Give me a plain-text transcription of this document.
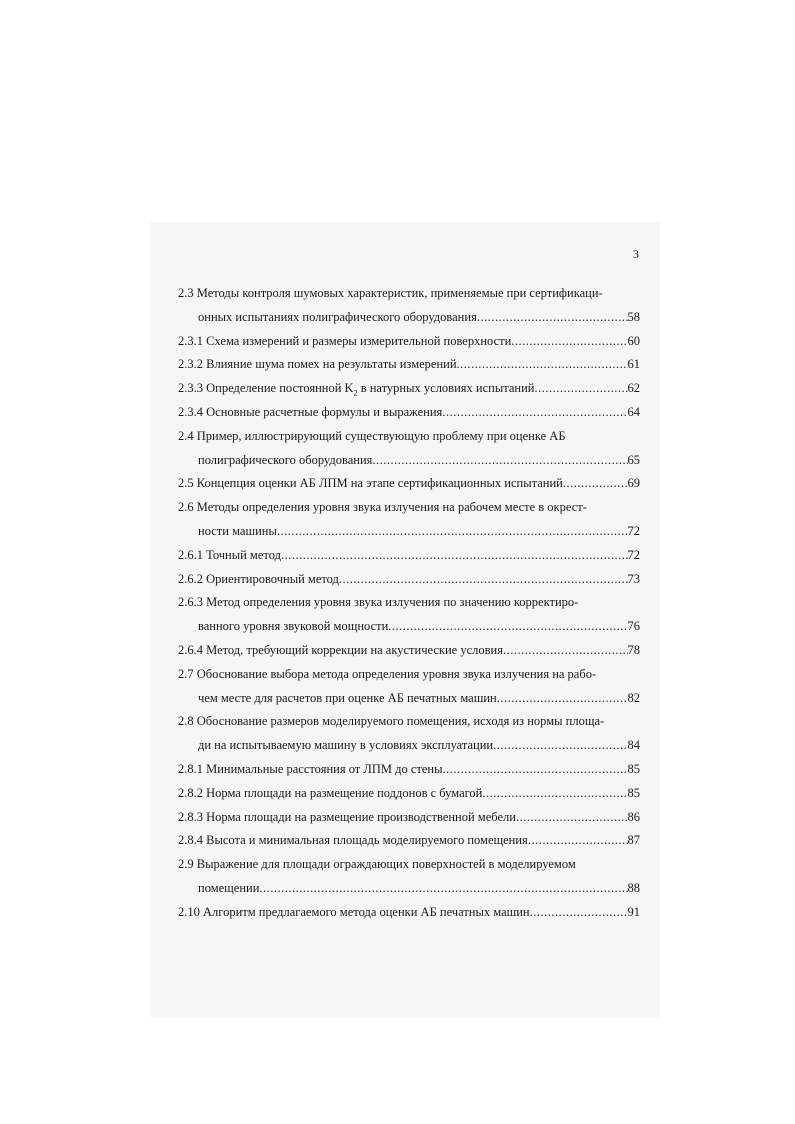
3
2.3 Методы контроля шумовых характеристик, применяемые при сертификаци-
онных испытаниях полиграфического оборудования .....	58
2.3.1 Схема измерений и размеры измерительной поверхности .....	60
2.3.2 Влияние шума помех на результаты измерений .....	61
2.3.3 Определение постоянной $K_2$ в натурных условиях испытаний .....	62
2.3.4 Основные расчетные формулы и выражения .....	64
2.4 Пример, иллюстрирующий существующую проблему при оценке АБ
полиграфического оборудования .....	65
2.5 Концепция оценки АБ ЛПМ на этапе сертификационных испытаний .....	69
2.6 Методы определения уровня звука излучения на рабочем месте в окрест-
ности машины .....	72
2.6.1 Точный метод .....	72
2.6.2 Ориентировочный метод .....	73
2.6.3 Метод определения уровня звука излучения по значению корректиро-
ванного уровня звуковой мощности .....	76
2.6.4 Метод, требующий коррекции на акустические условия .....	78
2.7 Обоснование выбора метода определения уровня звука излучения на рабо-
чем месте для расчетов при оценке АБ печатных машин .....	82
2.8 Обоснование размеров моделируемого помещения, исходя из нормы площа-
ди на испытываемую машину в условиях эксплуатации .....	84
2.8.1 Минимальные расстояния от ЛПМ до стены .....	85
2.8.2 Норма площади на размещение поддонов с бумагой .....	85
2.8.3 Норма площади на размещение производственной мебели .....	86
2.8.4 Высота и минимальная площадь моделируемого помещения .....	87
2.9 Выражение для площади ограждающих поверхностей в моделируемом
помещении .....	88
2.10 Алгоритм предлагаемого метода оценки АБ печатных машин .....	91
